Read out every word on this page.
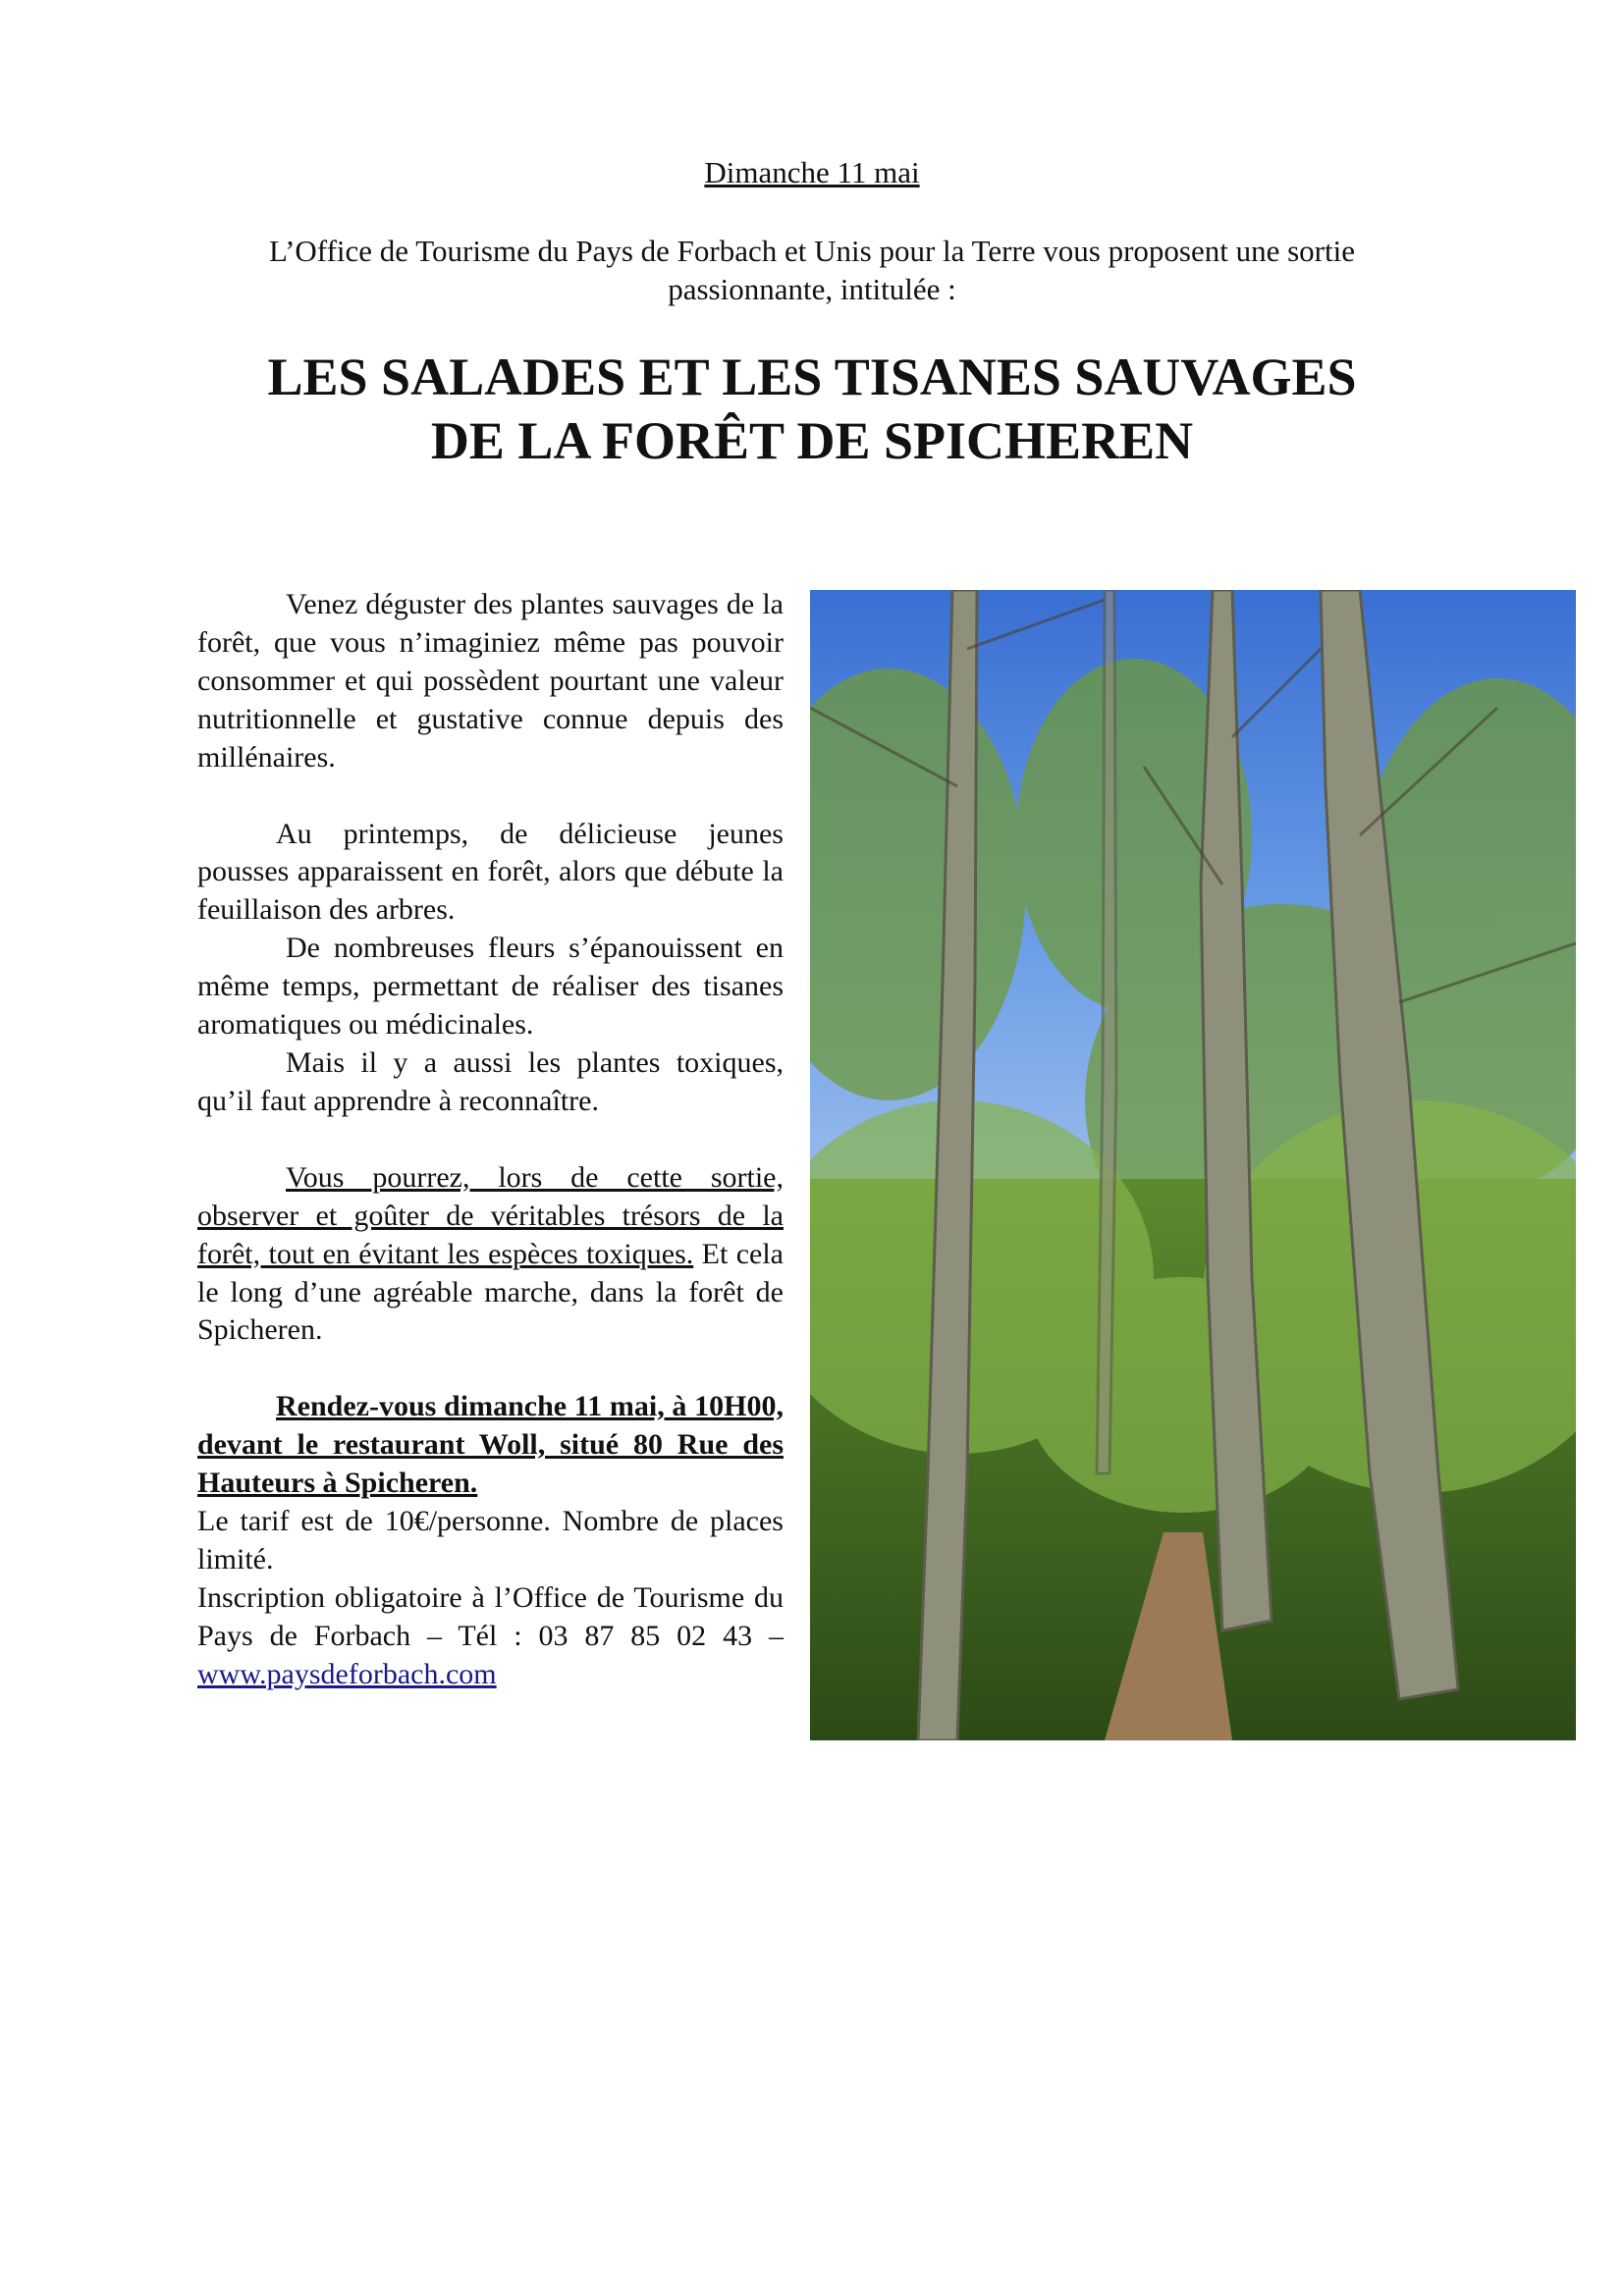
Dimanche 11 mai
L’Office de Tourisme du Pays de Forbach et Unis pour la Terre vous proposent une sortie passionnante, intitulée :
LES SALADES ET LES TISANES SAUVAGES
DE LA FORÊT DE SPICHEREN

Venez déguster des plantes sauvages de la forêt, que vous n’imaginiez même pas pouvoir consommer et qui possèdent pourtant une valeur nutritionnelle et gustative connue depuis des millénaires.

Au printemps, de délicieuse jeunes pousses apparaissent en forêt, alors que débute la feuillaison des arbres.

De nombreuses fleurs s’épanouissent en même temps, permettant de réaliser des tisanes aromatiques ou médicinales.

Mais il y a aussi les plantes toxiques, qu’il faut apprendre à reconnaître.

Vous pourrez, lors de cette sortie, observer et goûter de véritables trésors de la forêt, tout en évitant les espèces toxiques. Et cela le long d’une agréable marche, dans la forêt de Spicheren.

Rendez-vous dimanche 11 mai, à 10H00, devant le restaurant Woll, situé 80 Rue des Hauteurs à Spicheren.

Le tarif est de 10€/personne. Nombre de places limité.

Inscription obligatoire à l’Office de Tourisme du Pays de Forbach – Tél : 03 87 85 02 43 – www.paysdeforbach.com
